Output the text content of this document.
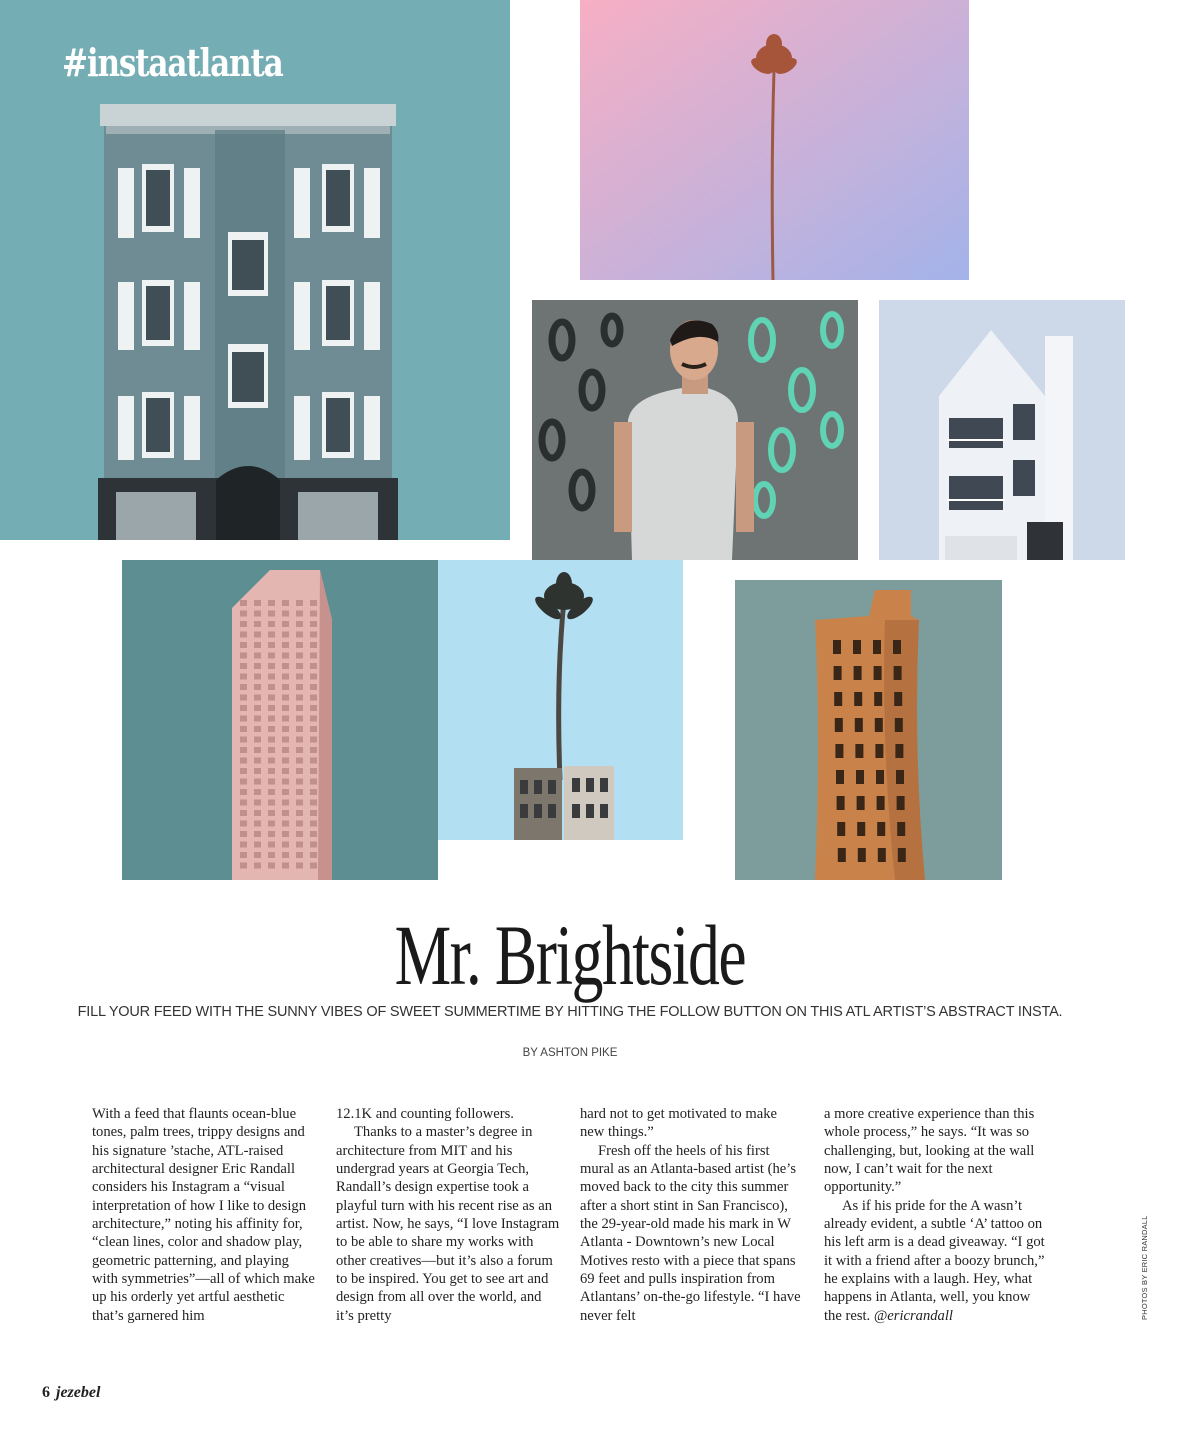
#instaatlanta
Mr. Brightside
FILL YOUR FEED WITH THE SUNNY VIBES OF SWEET SUMMERTIME BY HITTING THE FOLLOW BUTTON ON THIS ATL ARTIST’S ABSTRACT INSTA.
BY ASHTON PIKE

With a feed that flaunts ocean-blue tones, palm trees, trippy designs and his signature ’stache, ATL-raised architectural designer Eric Randall considers his Instagram a “visual interpretation of how I like to design architecture,” noting his affinity for, “clean lines, color and shadow play, geometric patterning, and playing with symmetries”—all of which make up his orderly yet artful aesthetic that’s garnered him

12.1K and counting followers.

Thanks to a master’s degree in architecture from MIT and his undergrad years at Georgia Tech, Randall’s design expertise took a playful turn with his recent rise as an artist. Now, he says, “I love Instagram to be able to share my works with other creatives—but it’s also a forum to be inspired. You get to see art and design from all over the world, and it’s pretty

hard not to get motivated to make new things.”

Fresh off the heels of his first mural as an Atlanta-based artist (he’s moved back to the city this summer after a short stint in San Francisco), the 29-year-old made his mark in W Atlanta - Downtown’s new Local Motives resto with a piece that spans 69 feet and pulls inspiration from Atlantans’ on-the-go lifestyle. “I have never felt

a more creative experience than this whole process,” he says. “It was so challenging, but, looking at the wall now, I can’t wait for the next opportunity.”

As if his pride for the A wasn’t already evident, a subtle ‘A’ tattoo on his left arm is a dead giveaway. “I got it with a friend after a boozy brunch,” he explains with a laugh. Hey, what happens in Atlanta, well, you know the rest. @ericrandall	PHOTOS BY ERIC RANDALL
6 jezebel
